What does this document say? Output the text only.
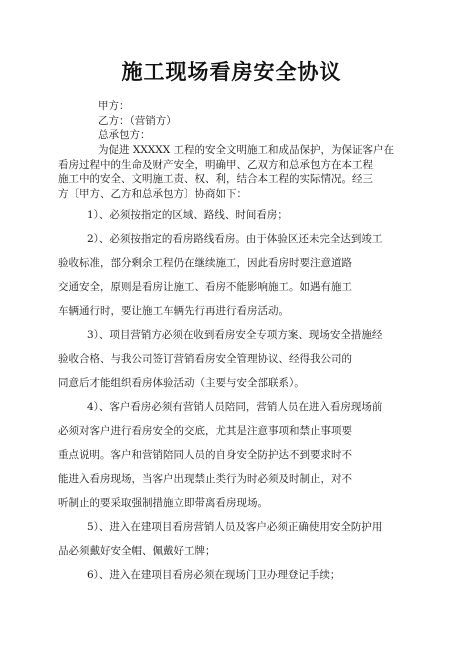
施工现场看房安全协议
甲方：
乙方：（营销方）
总承包方：
为促进 XXXXX 工程的安全文明施工和成品保护，为保证客户在
看房过程中的生命及财产安全，明确甲、乙双方和总承包方在本工程
施工中的安全、文明施工责、权、利，结合本工程的实际情况。经三
方〔甲方、乙方和总承包方〕协商如下：
1）、必须按指定的区域、路线、时间看房；
2）、必须按指定的看房路线看房。由于体验区还未完全达到竣工
验收标准，部分剩余工程仍在继续施工，因此看房时要注意道路
交通安全，原则是看房让施工、看房不能影响施工。如遇有施工
车辆通行时，要让施工车辆先行再进行看房活动。
3）、项目营销方必须在收到看房安全专项方案、现场安全措施经
验收合格、与我公司签订营销看房安全管理协议、经得我公司的
同意后才能组织看房体验活动（主要与安全部联系）。
4）、客户看房必须有营销人员陪同，营销人员在进入看房现场前
必须对客户进行看房安全的交底，尤其是注意事项和禁止事项要
重点说明。客户和营销陪同人员的自身安全防护达不到要求时不
能进入看房现场，当客户出现禁止类行为时必须及时制止，对不
听制止的要采取强制措施立即带离看房现场。
5）、进入在建项目看房营销人员及客户必须正确使用安全防护用
品必须戴好安全帽、佩戴好工牌；
6）、进入在建项目看房必须在现场门卫办理登记手续；
